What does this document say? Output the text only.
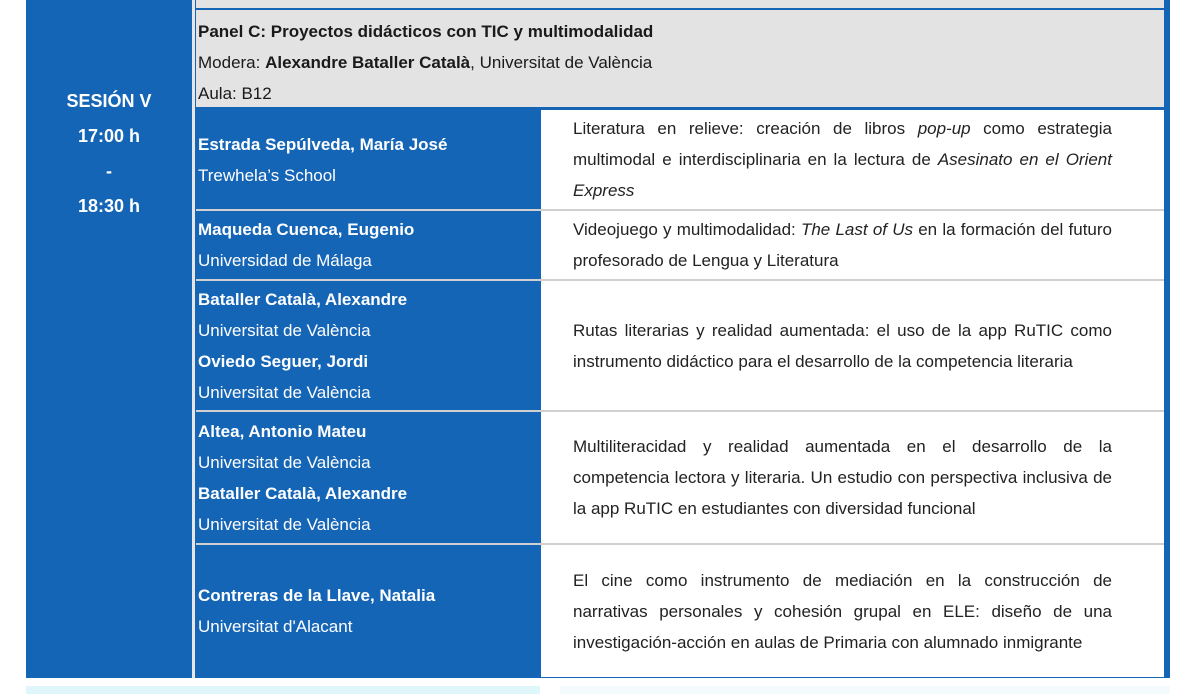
SESIÓN V
17:00 h
-
18:30 h
Panel C: Proyectos didácticos con TIC y multimodalidad
Modera: Alexandre Bataller Català, Universitat de València
Aula: B12
Estrada Sepúlveda, María José
Trewhela’s School
Literatura en relieve: creación de libros pop-up como estrategia multimodal e interdisciplinaria en la lectura de Asesinato en el Orient Express
Maqueda Cuenca, Eugenio
Universidad de Málaga
Videojuego y multimodalidad: The Last of Us en la formación del futuro profesorado de Lengua y Literatura
Bataller Català, Alexandre
Universitat de València
Oviedo Seguer, Jordi
Universitat de València
Rutas literarias y realidad aumentada: el uso de la app RuTIC como instrumento didáctico para el desarrollo de la competencia literaria
Altea, Antonio Mateu
Universitat de València
Bataller Català, Alexandre
Universitat de València
Multiliteracidad y realidad aumentada en el desarrollo de la competencia lectora y literaria. Un estudio con perspectiva inclusiva de la app RuTIC en estudiantes con diversidad funcional
Contreras de la Llave, Natalia
Universitat d'Alacant
El cine como instrumento de mediación en la construcción de narrativas personales y cohesión grupal en ELE: diseño de una investigación-acción en aulas de Primaria con alumnado inmigrante
